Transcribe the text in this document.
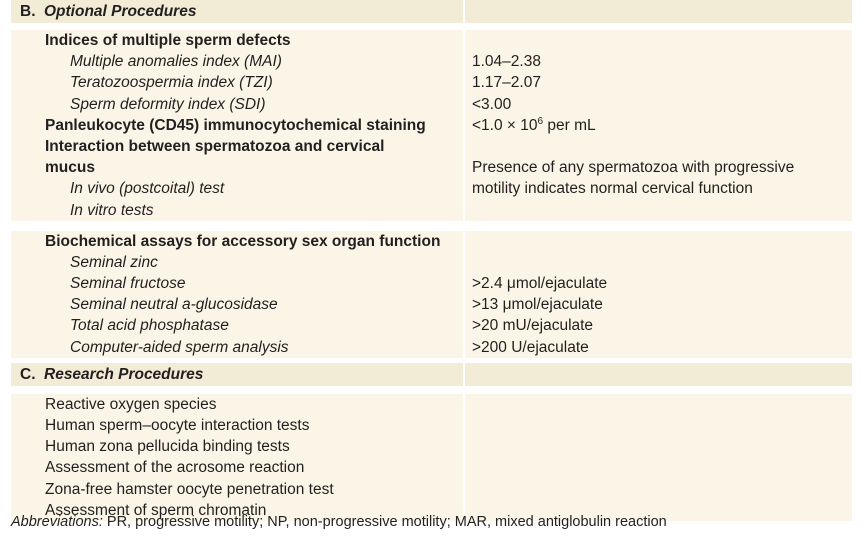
B. Optional Procedures
Indices of multiple sperm defects
Multiple anomalies index (MAI)
Teratozoospermia index (TZI)
Sperm deformity index (SDI)
Panleukocyte (CD45) immunocytochemical staining
Interaction between spermatozoa and cervical
mucus
In vivo (postcoital) test
In vitro tests
1.04–2.38
1.17–2.07
<3.00
$<1.0 \times 10^6$ per mL
Presence of any spermatozoa with progressive
motility indicates normal cervical function
Biochemical assays for accessory sex organ function
Seminal zinc
Seminal fructose
Seminal neutral a-glucosidase
Total acid phosphatase
Computer-aided sperm analysis
>2.4 μmol/ejaculate
>13 μmol/ejaculate
>20 mU/ejaculate
>200 U/ejaculate
C. Research Procedures
Reactive oxygen species
Human sperm–oocyte interaction tests
Human zona pellucida binding tests
Assessment of the acrosome reaction
Zona-free hamster oocyte penetration test
Assessment of sperm chromatin
Abbreviations: PR, progressive motility; NP, non-progressive motility; MAR, mixed antiglobulin reaction
